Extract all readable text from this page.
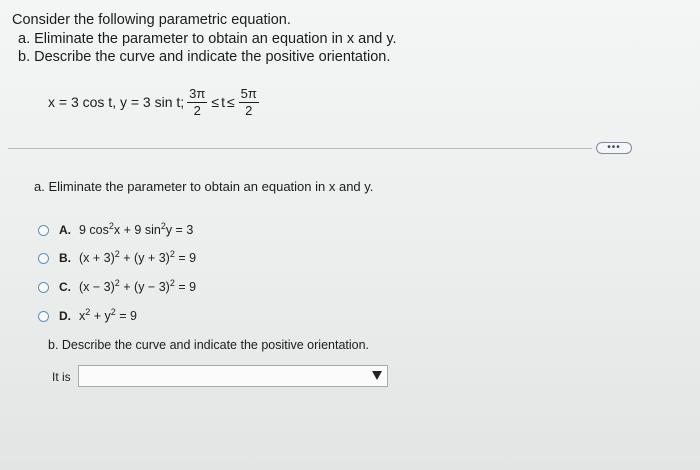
Consider the following parametric equation.
a. Eliminate the parameter to obtain an equation in x and y.
b. Describe the curve and indicate the positive orientation.
x = 3 cos t, y = 3 sin t; $\frac{3\pi}{2} \le t \le \frac{5\pi}{2}$
•••
a. Eliminate the parameter to obtain an equation in x and y.
A. 9 $\cos^2x + 9$ $\sin^2y = 3$
B. $(x + 3)^2 + (y + 3)^2 = 9$
C. $(x - 3)^2 + (y - 3)^2 = 9$
D. $x^2 + y^2 = 9$
b. Describe the curve and indicate the positive orientation.
It is
